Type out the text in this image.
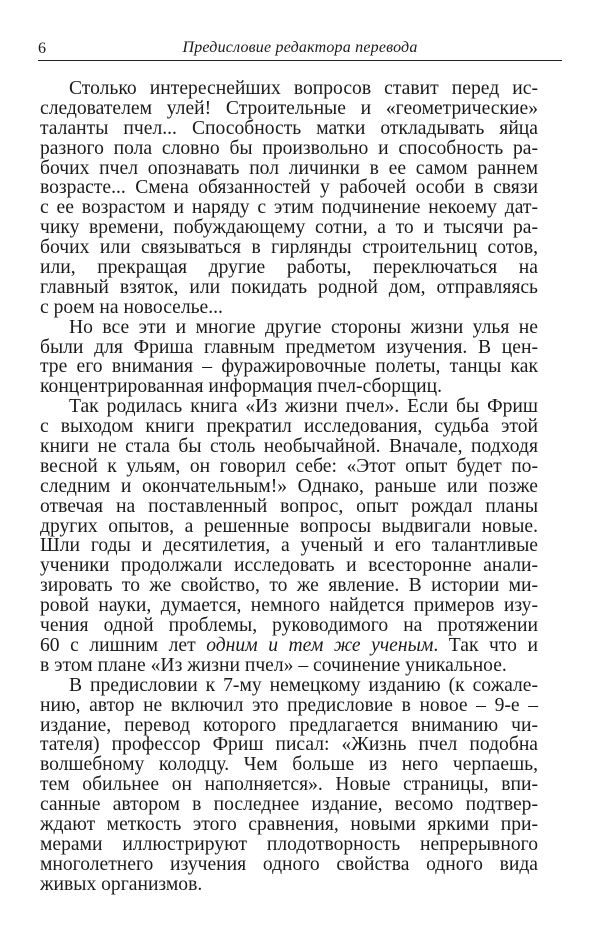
6	Предисловие редактора перевода
Столько интереснейших вопросов ставит перед ис-
следователем улей! Строительные и «геометрические»
таланты пчел... Способность матки откладывать яйца
разного пола словно бы произвольно и способность ра-
бочих пчел опознавать пол личинки в ее самом раннем
возрасте... Смена обязанностей у рабочей особи в связи
с ее возрастом и наряду с этим подчинение некоему дат-
чику времени, побуждающему сотни, а то и тысячи ра-
бочих или связываться в гирлянды строительниц сотов,
или, прекращая другие работы, переключаться на
главный взяток, или покидать родной дом, отправляясь
с роем на новоселье...
Но все эти и многие другие стороны жизни улья не
были для Фриша главным предметом изучения. В цен-
тре его внимания – фуражировочные полеты, танцы как
концентрированная информация пчел-сборщиц.
Так родилась книга «Из жизни пчел». Если бы Фриш
с выходом книги прекратил исследования, судьба этой
книги не стала бы столь необычайной. Вначале, подходя
весной к ульям, он говорил себе: «Этот опыт будет по-
следним и окончательным!» Однако, раньше или позже
отвечая на поставленный вопрос, опыт рождал планы
других опытов, а решенные вопросы выдвигали новые.
Шли годы и десятилетия, а ученый и его талантливые
ученики продолжали исследовать и всесторонне анали-
зировать то же свойство, то же явление. В истории ми-
ровой науки, думается, немного найдется примеров изу-
чения одной проблемы, руководимого на протяжении
60 с лишним лет одним и тем же ученым. Так что и
в этом плане «Из жизни пчел» – сочинение уникальное.
В предисловии к 7-му немецкому изданию (к сожале-
нию, автор не включил это предисловие в новое – 9-е –
издание, перевод которого предлагается вниманию чи-
тателя) профессор Фриш писал: «Жизнь пчел подобна
волшебному колодцу. Чем больше из него черпаешь,
тем обильнее он наполняется». Новые страницы, впи-
санные автором в последнее издание, весомо подтвер-
ждают меткость этого сравнения, новыми яркими при-
мерами иллюстрируют плодотворность непрерывного
многолетнего изучения одного свойства одного вида
живых организмов.
